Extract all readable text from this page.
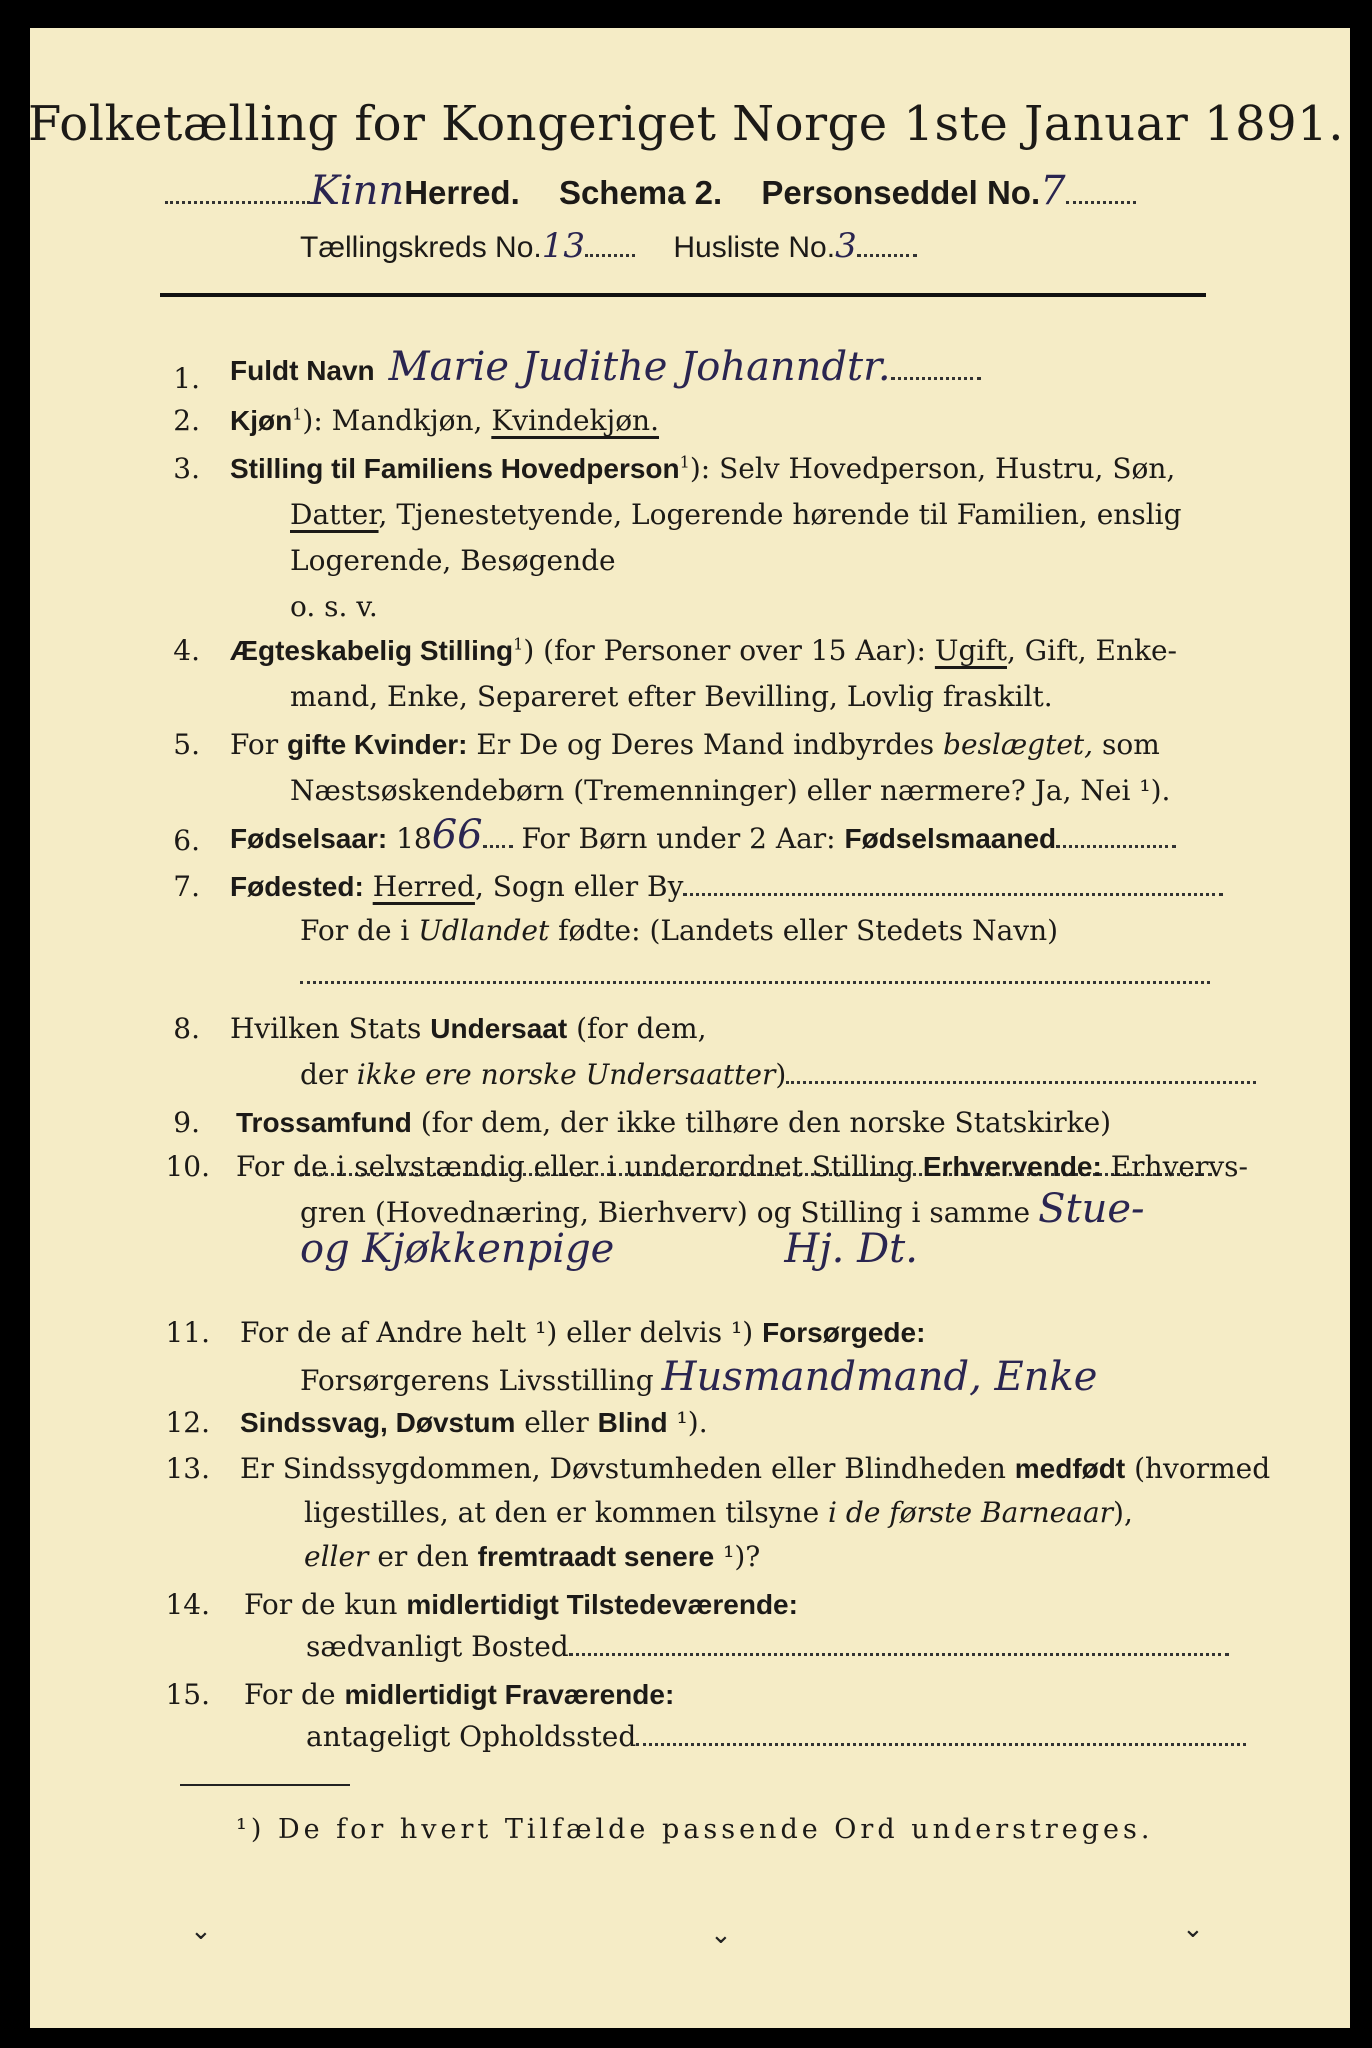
Folketælling for Kongeriget Norge 1ste Januar 1891.
KinnHerred. Schema 2. Personseddel No.7
Tællingskreds No.13	Husliste No.3
1. Fuldt Navn Marie Judithe Johanndtr.
2. Kjøn$^1$): Mandkjøn, Kvindekjøn.
3. Stilling til Familiens Hovedperson$^1$): Selv Hovedperson, Hustru, Søn,
Datter, Tjenestetyende, Logerende hørende til Familien, enslig
Logerende, Besøgende
o. s. v.
4. Ægteskabelig Stilling$^1$) (for Personer over 15 Aar): Ugift, Gift, Enke-
mand, Enke, Separeret efter Bevilling, Lovlig fraskilt.
5. For gifte Kvinder: Er De og Deres Mand indbyrdes beslægtet, som
Næstsøskendebørn (Tremenninger) eller nærmere? Ja, Nei ¹).
6. Fødselsaar: 1866 For Børn under 2 Aar: Fødselsmaaned
7. Fødested: Herred, Sogn eller By
For de i Udlandet fødte: (Landets eller Stedets Navn)
8. Hvilken Stats Undersaat (for dem,
der ikke ere norske Undersaatter)
9. Trossamfund (for dem, der ikke tilhøre den norske Statskirke)
10. For de i selvstændig eller i underordnet Stilling Erhvervende: Erhvervs-
gren (Hovednæring, Bierhverv) og Stilling i samme Stue-
og Kjøkkenpige	Hj. Dt.
11. For de af Andre helt ¹) eller delvis ¹) Forsørgede:
Forsørgerens Livsstilling Husmandmand, Enke
12. Sindssvag, Døvstum eller Blind ¹).
13. Er Sindssygdommen, Døvstumheden eller Blindheden medfødt (hvormed
ligestilles, at den er kommen tilsyne i de første Barneaar),
eller er den fremtraadt senere ¹)?
14. For de kun midlertidigt Tilstedeværende:
sædvanligt Bosted
15. For de midlertidigt Fraværende:
antageligt Opholdssted
¹) De for hvert Tilfælde passende Ord understreges.
⌄	⌄	⌄
